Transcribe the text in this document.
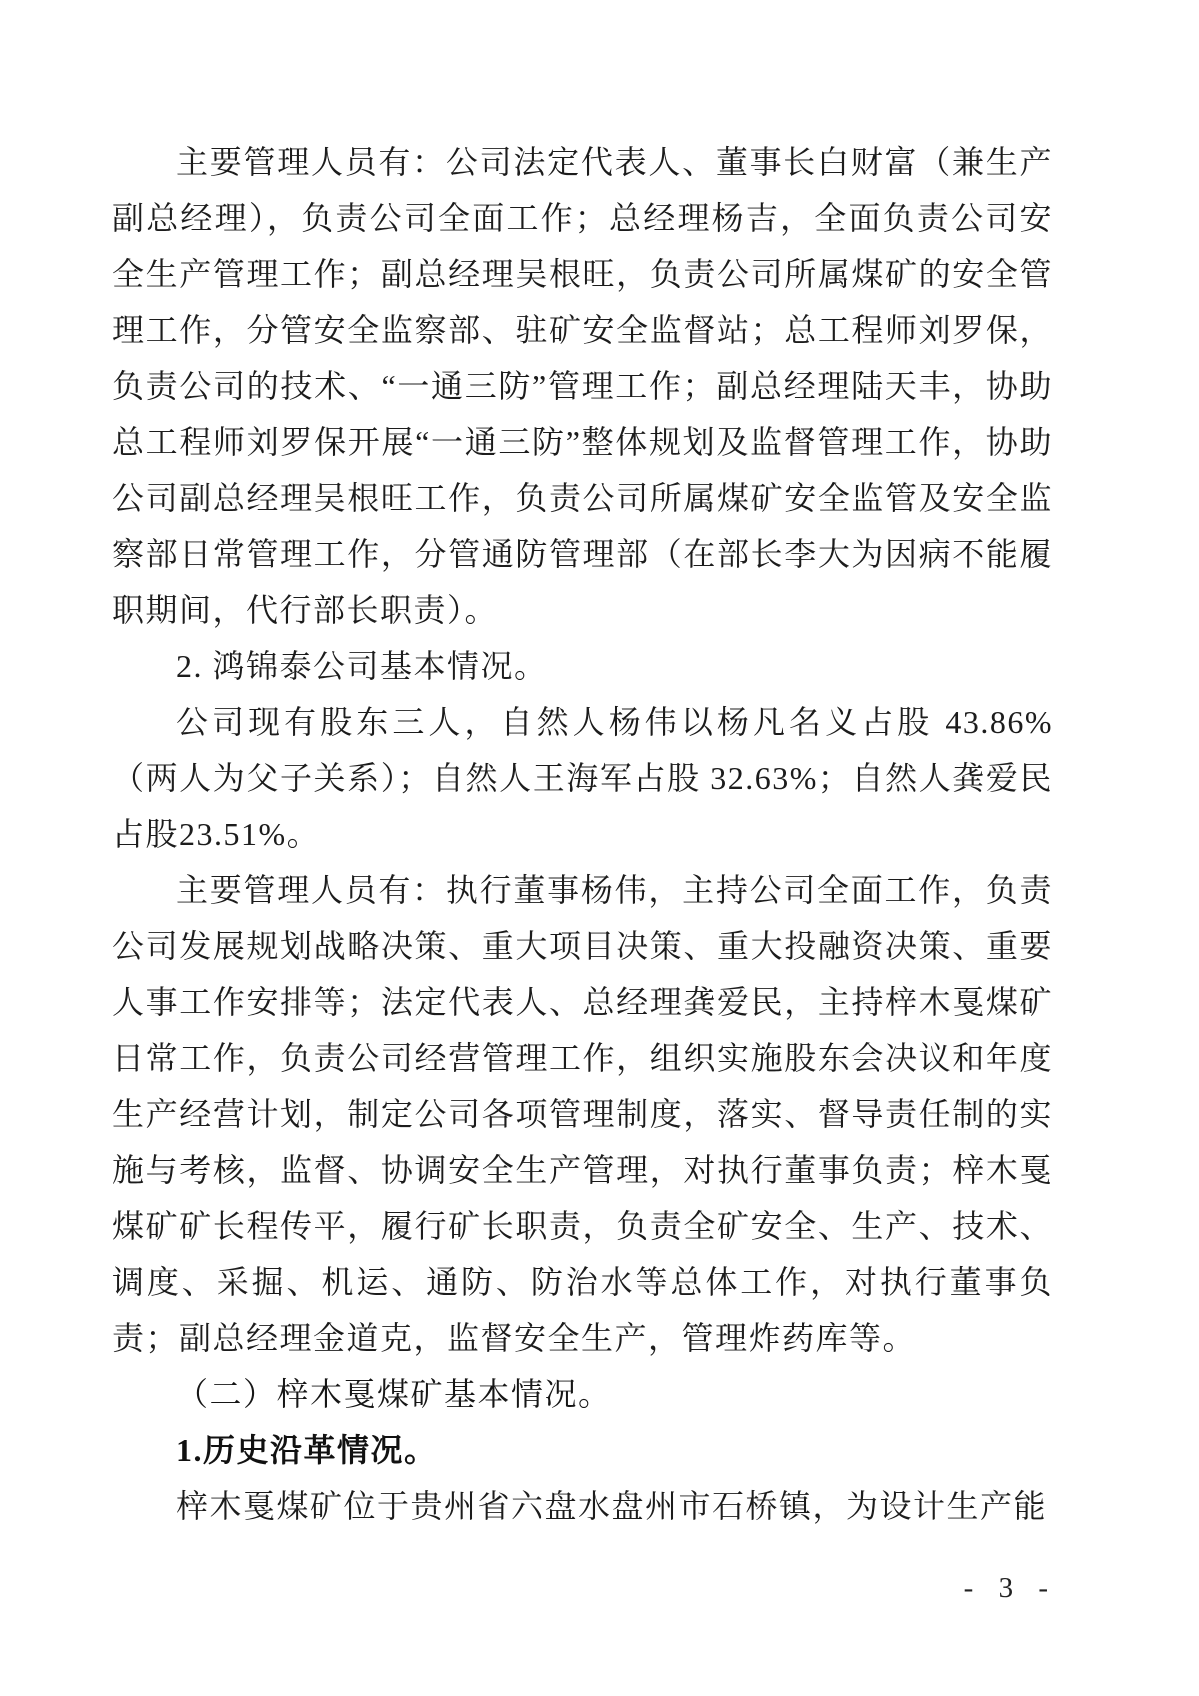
主要管理人员有：公司法定代表人、董事长白财富（兼生产副总经理），负责公司全面工作；总经理杨吉，全面负责公司安全生产管理工作；副总经理吴根旺，负责公司所属煤矿的安全管理工作，分管安全监察部、驻矿安全监督站；总工程师刘罗保，负责公司的技术、“一通三防”管理工作；副总经理陆天丰，协助总工程师刘罗保开展“一通三防”整体规划及监督管理工作，协助公司副总经理吴根旺工作，负责公司所属煤矿安全监管及安全监察部日常管理工作，分管通防管理部（在部长李大为因病不能履职期间，代行部长职责）。

2. 鸿锦泰公司基本情况。

公司现有股东三人，自然人杨伟以杨凡名义占股 43.86%（两人为父子关系）；自然人王海军占股 32.63%；自然人龚爱民占股23.51%。

主要管理人员有：执行董事杨伟，主持公司全面工作，负责公司发展规划战略决策、重大项目决策、重大投融资决策、重要人事工作安排等；法定代表人、总经理龚爱民，主持梓木戛煤矿日常工作，负责公司经营管理工作，组织实施股东会决议和年度生产经营计划，制定公司各项管理制度，落实、督导责任制的实施与考核，监督、协调安全生产管理，对执行董事负责；梓木戛煤矿矿长程传平，履行矿长职责，负责全矿安全、生产、技术、调度、采掘、机运、通防、防治水等总体工作，对执行董事负责；副总经理金道克，监督安全生产，管理炸药库等。

（二）梓木戛煤矿基本情况。

1.历史沿革情况。

梓木戛煤矿位于贵州省六盘水盘州市石桥镇，为设计生产能

- 3 -
